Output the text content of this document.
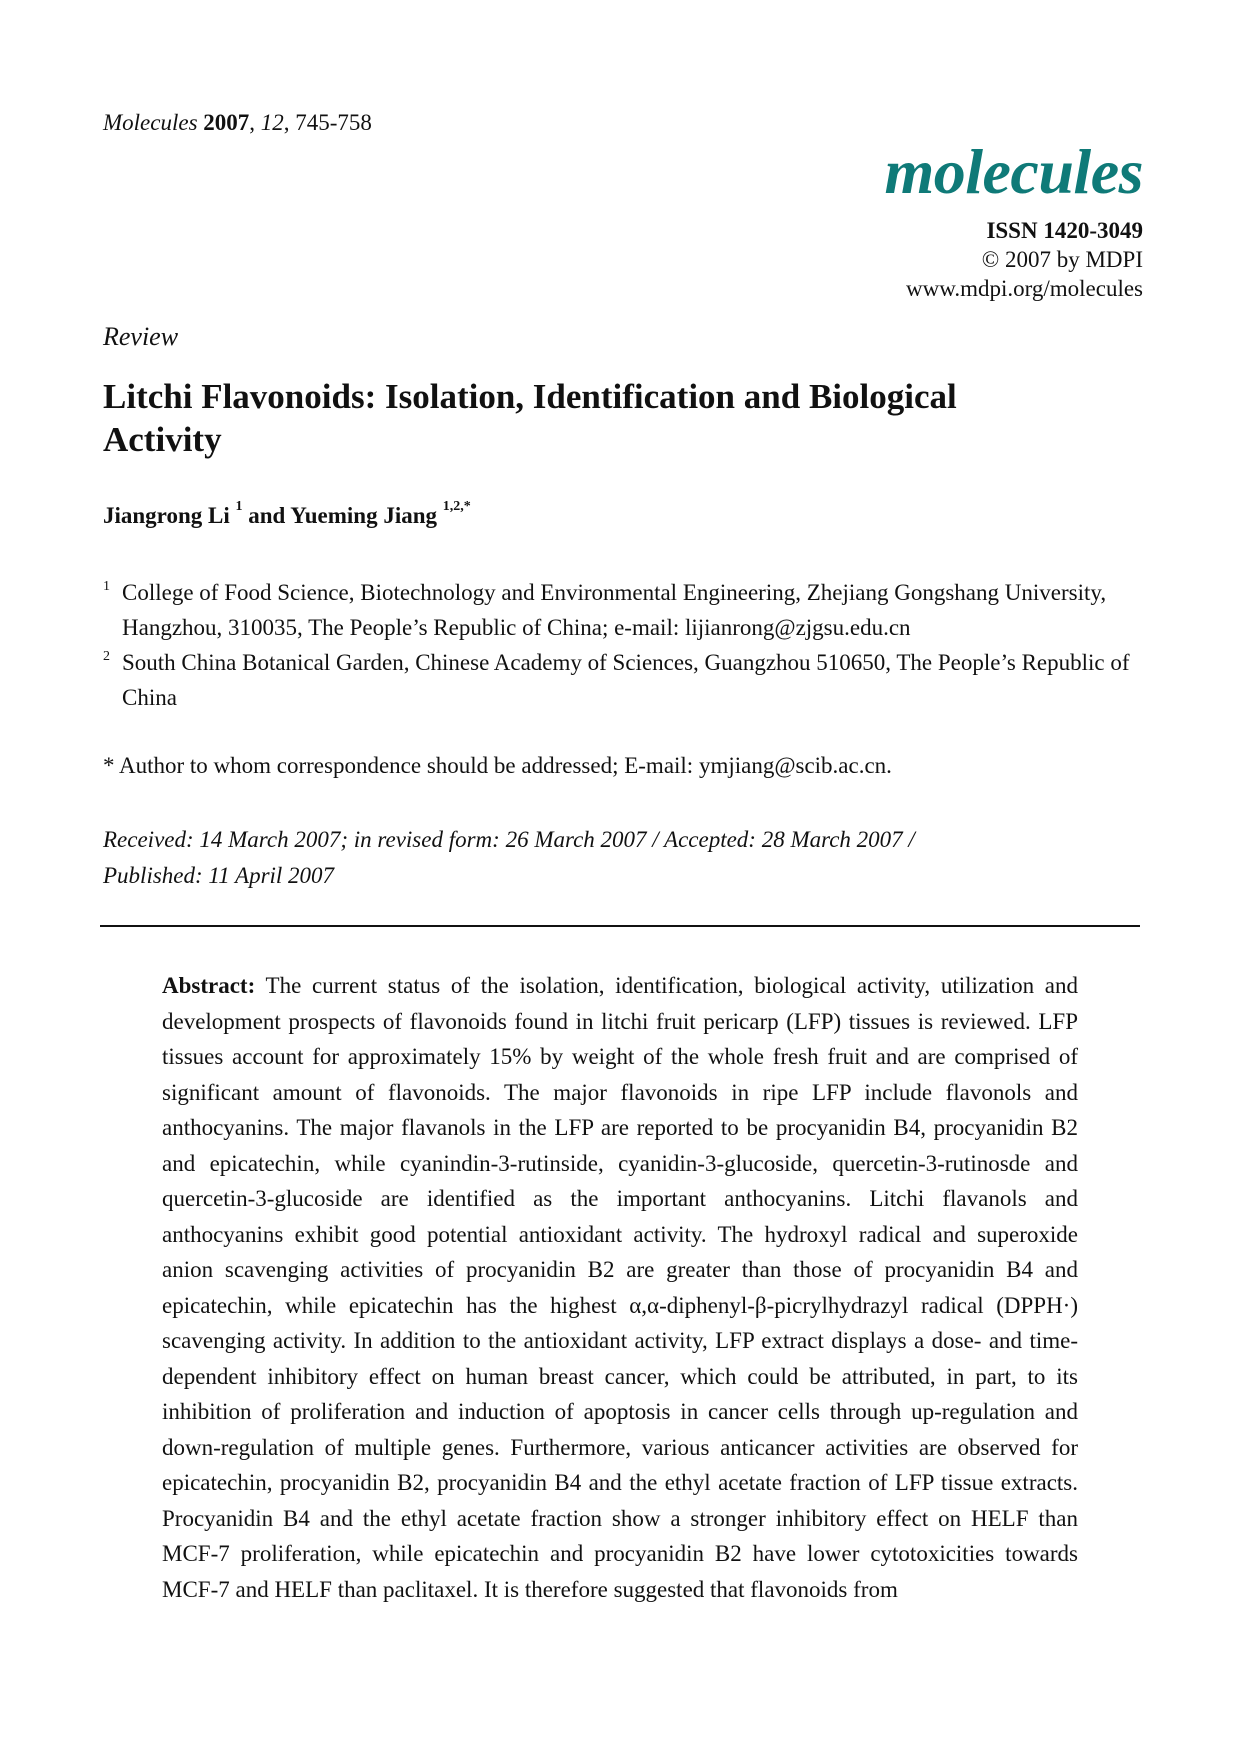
Molecules 2007, 12, 745-758
molecules
ISSN 1420-3049
© 2007 by MDPI
www.mdpi.org/molecules
Review
Litchi Flavonoids: Isolation, Identification and Biological Activity
Jiangrong Li $^1$ and Yueming Jiang $^{1,2,*}$
1 College of Food Science, Biotechnology and Environmental Engineering, Zhejiang Gongshang University, Hangzhou, 310035, The People’s Republic of China; e-mail: lijianrong@zjgsu.edu.cn
2 South China Botanical Garden, Chinese Academy of Sciences, Guangzhou 510650, The People’s Republic of China
* Author to whom correspondence should be addressed; E-mail: ymjiang@scib.ac.cn.
Received: 14 March 2007; in revised form: 26 March 2007 / Accepted: 28 March 2007 /
Published: 11 April 2007
Abstract: The current status of the isolation, identification, biological activity, utilization and development prospects of flavonoids found in litchi fruit pericarp (LFP) tissues is reviewed. LFP tissues account for approximately 15% by weight of the whole fresh fruit and are comprised of significant amount of flavonoids. The major flavonoids in ripe LFP include flavonols and anthocyanins. The major flavanols in the LFP are reported to be procyanidin B4, procyanidin B2 and epicatechin, while cyanindin-3-rutinside, cyanidin-3-glucoside, quercetin-3-rutinosde and quercetin-3-glucoside are identified as the important anthocyanins. Litchi flavanols and anthocyanins exhibit good potential antioxidant activity. The hydroxyl radical and superoxide anion scavenging activities of procyanidin B2 are greater than those of procyanidin B4 and epicatechin, while epicatechin has the highest α,α-diphenyl-β-picrylhydrazyl radical (DPPH·) scavenging activity. In addition to the antioxidant activity, LFP extract displays a dose- and time-dependent inhibitory effect on human breast cancer, which could be attributed, in part, to its inhibition of proliferation and induction of apoptosis in cancer cells through up-regulation and down-regulation of multiple genes. Furthermore, various anticancer activities are observed for epicatechin, procyanidin B2, procyanidin B4 and the ethyl acetate fraction of LFP tissue extracts. Procyanidin B4 and the ethyl acetate fraction show a stronger inhibitory effect on HELF than MCF-7 proliferation, while epicatechin and procyanidin B2 have lower cytotoxicities towards MCF-7 and HELF than paclitaxel. It is therefore suggested that flavonoids from
